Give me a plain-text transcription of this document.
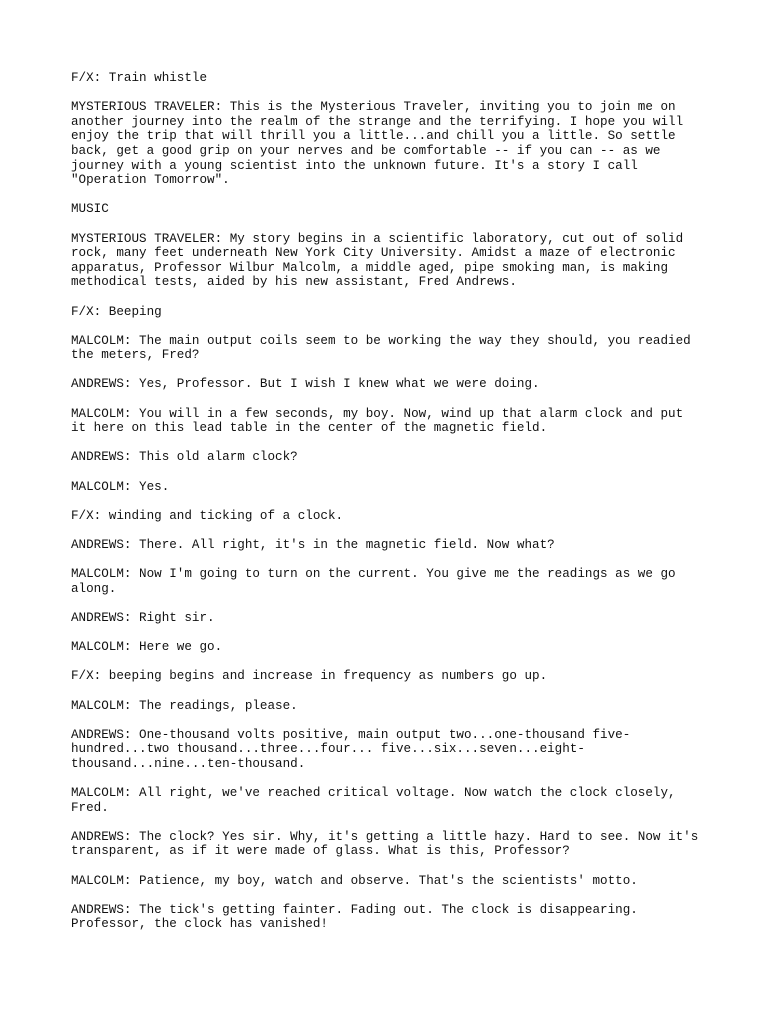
F/X: Train whistle

MYSTERIOUS TRAVELER: This is the Mysterious Traveler, inviting you to join me on
another journey into the realm of the strange and the terrifying. I hope you will
enjoy the trip that will thrill you a little...and chill you a little. So settle
back, get a good grip on your nerves and be comfortable -- if you can -- as we
journey with a young scientist into the unknown future. It's a story I call
"Operation Tomorrow".

MUSIC

MYSTERIOUS TRAVELER: My story begins in a scientific laboratory, cut out of solid
rock, many feet underneath New York City University. Amidst a maze of electronic
apparatus, Professor Wilbur Malcolm, a middle aged, pipe smoking man, is making
methodical tests, aided by his new assistant, Fred Andrews.

F/X: Beeping

MALCOLM: The main output coils seem to be working the way they should, you readied
the meters, Fred?

ANDREWS: Yes, Professor. But I wish I knew what we were doing.

MALCOLM: You will in a few seconds, my boy. Now, wind up that alarm clock and put
it here on this lead table in the center of the magnetic field.

ANDREWS: This old alarm clock?

MALCOLM: Yes.

F/X: winding and ticking of a clock.

ANDREWS: There. All right, it's in the magnetic field. Now what?

MALCOLM: Now I'm going to turn on the current. You give me the readings as we go
along.

ANDREWS: Right sir.

MALCOLM: Here we go.

F/X: beeping begins and increase in frequency as numbers go up.

MALCOLM: The readings, please.

ANDREWS: One-thousand volts positive, main output two...one-thousand five-
hundred...two thousand...three...four... five...six...seven...eight-
thousand...nine...ten-thousand.

MALCOLM: All right, we've reached critical voltage. Now watch the clock closely,
Fred.

ANDREWS: The clock? Yes sir. Why, it's getting a little hazy. Hard to see. Now it's
transparent, as if it were made of glass. What is this, Professor?

MALCOLM: Patience, my boy, watch and observe. That's the scientists' motto.

ANDREWS: The tick's getting fainter. Fading out. The clock is disappearing.
Professor, the clock has vanished!
